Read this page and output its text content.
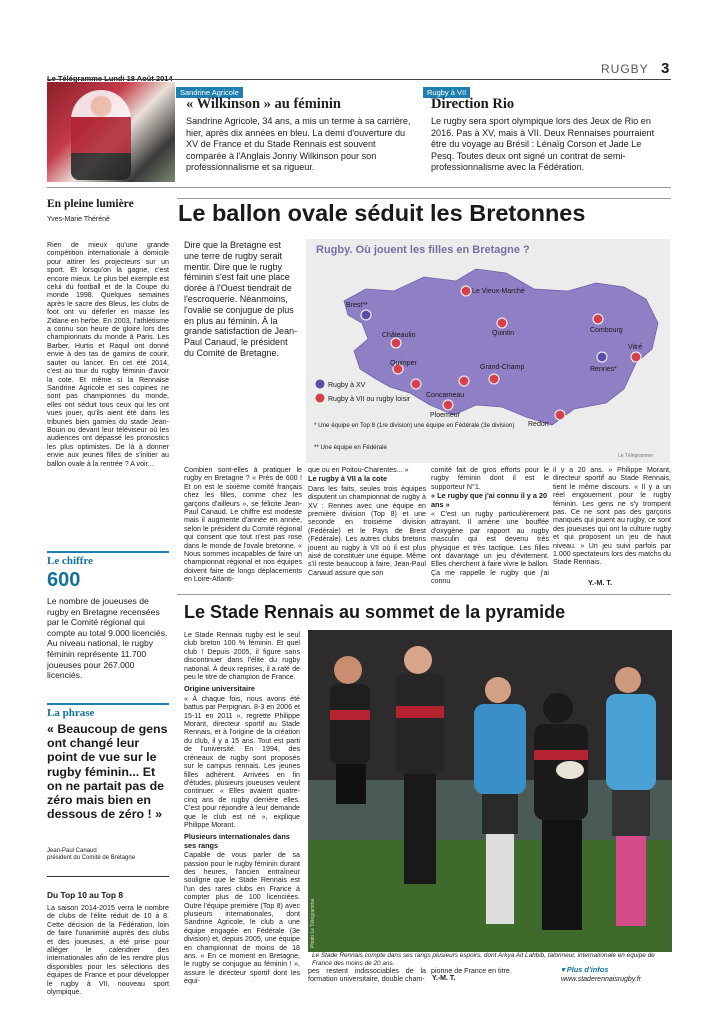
RUGBY 3
Sandrine Agricole	Rugby à VII
« Wilkinson » au féminin
Sandrine Agricole, 34 ans, a mis un terme à sa carrière, hier, après dix années en bleu. La demi d'ouverture du XV de France et du Stade Rennais est souvent comparée à l'Anglais Jonny Wilkinson pour son professionnalisme et sa rigueur.
Direction Rio
Le rugby sera sport olympique lors des Jeux de Rio en 2016. Pas à XV, mais à VII. Deux Rennaises pourraient être du voyage au Brésil : Lénaïg Corson et Jade Le Pesq. Toutes deux ont signé un contrat de semi-professionnalisme avec la Fédération.
En pleine lumière
Yves-Marie Théréné
Rien de mieux qu'une grande compétition internationale à domicile pour attirer les projecteurs sur un sport. Et lorsqu'on la gagne, c'est encore mieux. Le plus bel exemple est celui du football et de la Coupe du monde 1998. Quelques semaines après le sacre des Bleus, les clubs de foot ont vu déferler en masse les Zidane en herbe. En 2003, l'athlétisme a connu son heure de gloire lors des championnats du monde à Paris. Les Barber, Hurtis et Raquil ont donné envie à des tas de gamins de courir, sauter ou lancer. En cet été 2014, c'est au tour du rugby féminin d'avoir la cote. Et même si la Rennaise Sandrine Agricole et ses copines ne sont pas championnes du monde, elles ont séduit tous ceux qui les ont vues jouer, qu'ils aient été dans les tribunes bien garnies du stade Jean-Bouin ou devant leur téléviseur où les audiences ont dépassé les pronostics les plus optimistes. De là à donner envie aux jeunes filles de s'initier au ballon ovale à la rentrée ? A voir...
Le chiffre
600
Le nombre de joueuses de rugby en Bretagne recensées par le Comité régional qui compte au total 9.000 licenciés. Au niveau national, le rugby féminin représente 11.700 joueuses pour 267.000 licenciés.
La phrase
« Beaucoup de gens ont changé leur point de vue sur le rugby féminin... Et on ne partait pas de zéro mais bien en dessous de zéro ! »
Jean-Paul Canaud
président du Comité de Bretagne
Du Top 10 au Top 8
La saison 2014-2015 verra le nombre de clubs de l'élite réduit de 10 à 8. Cette décision de la Fédération, loin de faire l'unanimité auprès des clubs et des joueuses, a été prise pour alléger le calendrier des internationales afin de les rendre plus disponibles pour les sélections des équipes de France et pour développer le rugby à VII, nouveau sport olympique.
Le ballon ovale séduit les Bretonnes
Dire que la Bretagne est une terre de rugby serait mentir. Dire que le rugby féminin s'est fait une place dorée à l'Ouest tiendrait de l'escroquerie. Néanmoins, l'ovalie se conjugue de plus en plus au féminin. À la grande satisfaction de Jean-Paul Canaud, le président du Comité de Bretagne.
Rugby. Où jouent les filles en Bretagne ?
Brest**
Le Vieux-Marché
Quintin	Combourg
Châteaulin
Vitré
Rennes*
Quimper
Concarneau
Grand-Champ
Ploemeur
Redon
Rugby à XV
Rugby à VII ou rugby loisir
* Une équipe en Top 8 (1re division) une équipe en Fédérale (3e division)
** Une équipe en Fédérale
Le Télégramme
Combien sont-elles à pratiquer le rugby en Bretagne ? « Près de 600 ! Et on est le sixième comité français chez les filles, comme chez les garçons d'ailleurs », se félicite Jean-Paul Canaud. Le chiffre est modeste mais il augmente d'année en année, selon le président du Comité régional qui consent que tout n'est pas rose dans le monde de l'ovale bretonne. « Nous sommes incapables de faire un championnat régional et nos équipes doivent faire de longs déplacements en Loire-Atlanti-
que ou en Poitou-Charentes... »
Le rugby à VII a la cote
Dans les faits, seules trois équipes disputent un championnat de rugby à XV : Rennes avec une équipe en première division (Top 8) et une seconde en troisième division (Fédérale) et le Pays de Brest (Fédérale). Les autres clubs bretons jouent au rugby à VII où il est plus aisé de constituer une équipe. Même s'il reste beaucoup à faire, Jean-Paul Canaud assure que son
comité fait de gros efforts pour le rugby féminin dont il est le supporteur N°1.
« Le rugby que j'ai connu il y a 20 ans »
« C'est un rugby particulièrement attrayant. Il amène une bouffée d'oxygène par rapport au rugby masculin qui est devenu très physique et très tactique. Les filles ont davantage un jeu d'évitement. Elles cherchent à faire vivre le ballon. Ça me rappelle le rugby que j'ai connu
il y a 20 ans. » Philippe Morant, directeur sportif au Stade Rennais, tient le même discours. « Il y a un réel engouement pour le rugby féminin. Les gens ne s'y trompent pas. Ce ne sont pas des garçons manqués qui jouent au rugby, ce sont des joueuses qui ont la culture rugby et qui proposent un jeu de haut niveau. » Un jeu suivi parfois par 1.000 spectateurs lors des matchs du Stade Rennais.
Y.-M. T.
Le Stade Rennais au sommet de la pyramide
Le Stade Rennais rugby est le seul club breton 100 % féminin. Et quel club ! Depuis 2005, il figure sans discontinuer dans l'élite du rugby national. À deux reprises, il a raté de peu le titre de champion de France.
Origine universitaire
« À chaque fois, nous avons été battus par Perpignan. 8-3 en 2006 et 15-11 en 2011 », regrette Philippe Morant, directeur sportif au Stade Rennais, et à l'origine de la création du club, il y a 15 ans. Tout est parti de l'université. En 1994, des créneaux de rugby sont proposés sur le campus rennais. Les jeunes filles adhèrent. Arrivées en fin d'études, plusieurs joueuses veulent continuer. « Elles avaient quatre-cinq ans de rugby derrière elles. C'est pour répondre à leur demande que le club est né », explique Philippe Morant.
Plusieurs internationales dans ses rangs
Capable de vous parler de sa passion pour le rugby féminin durant des heures, l'ancien entraîneur souligne que le Stade Rennais est l'un des rares clubs en France à compter plus de 100 licenciées. Outre l'équipe première (Top 8) avec plusieurs internationales, dont Sandrine Agricole, le club a une équipe engagée en Fédérale (3e division) et, depuis 2005, une équipe en championnat de moins de 18 ans. « En ce moment en Bretagne, le rugby se conjugue au féminin ! », assure le directeur sportif dont les équi-
Photo Le Télégramme
Le Stade Rennais compte dans ses rangs plusieurs espoirs, dont Arkya Ait Lahbib, talonneur, internationale en équipe de France des moins de 20 ans.
pes restent indissociables de la formation universitaire, double cham-
pionne de France en titre.
Y.-M. T.
▾ Plus d'infos
www.staderennaisrugby.fr
